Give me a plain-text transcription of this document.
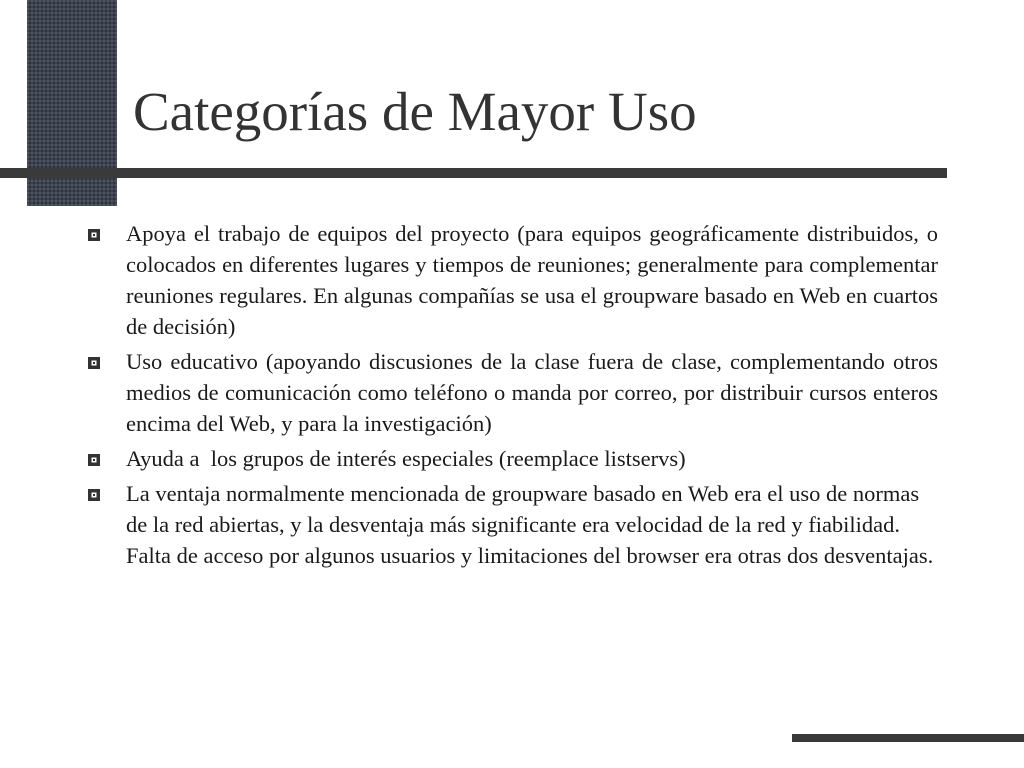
Categorías de Mayor Uso
Apoya el trabajo de equipos del proyecto (para equipos geográficamente distribuidos, o colocados en diferentes lugares y tiempos de reuniones; generalmente para complementar reuniones regulares. En algunas compañías se usa el groupware basado en Web en cuartos de decisión)
Uso educativo (apoyando discusiones de la clase fuera de clase, complementando otros medios de comunicación como teléfono o manda por correo, por distribuir cursos enteros encima del Web, y para la investigación)
Ayuda a  los grupos de interés especiales (reemplace listservs)
La ventaja normalmente mencionada de groupware basado en Web era el uso de normas de la red abiertas, y la desventaja más significante era velocidad de la red y fiabilidad. Falta de acceso por algunos usuarios y limitaciones del browser era otras dos desventajas.
